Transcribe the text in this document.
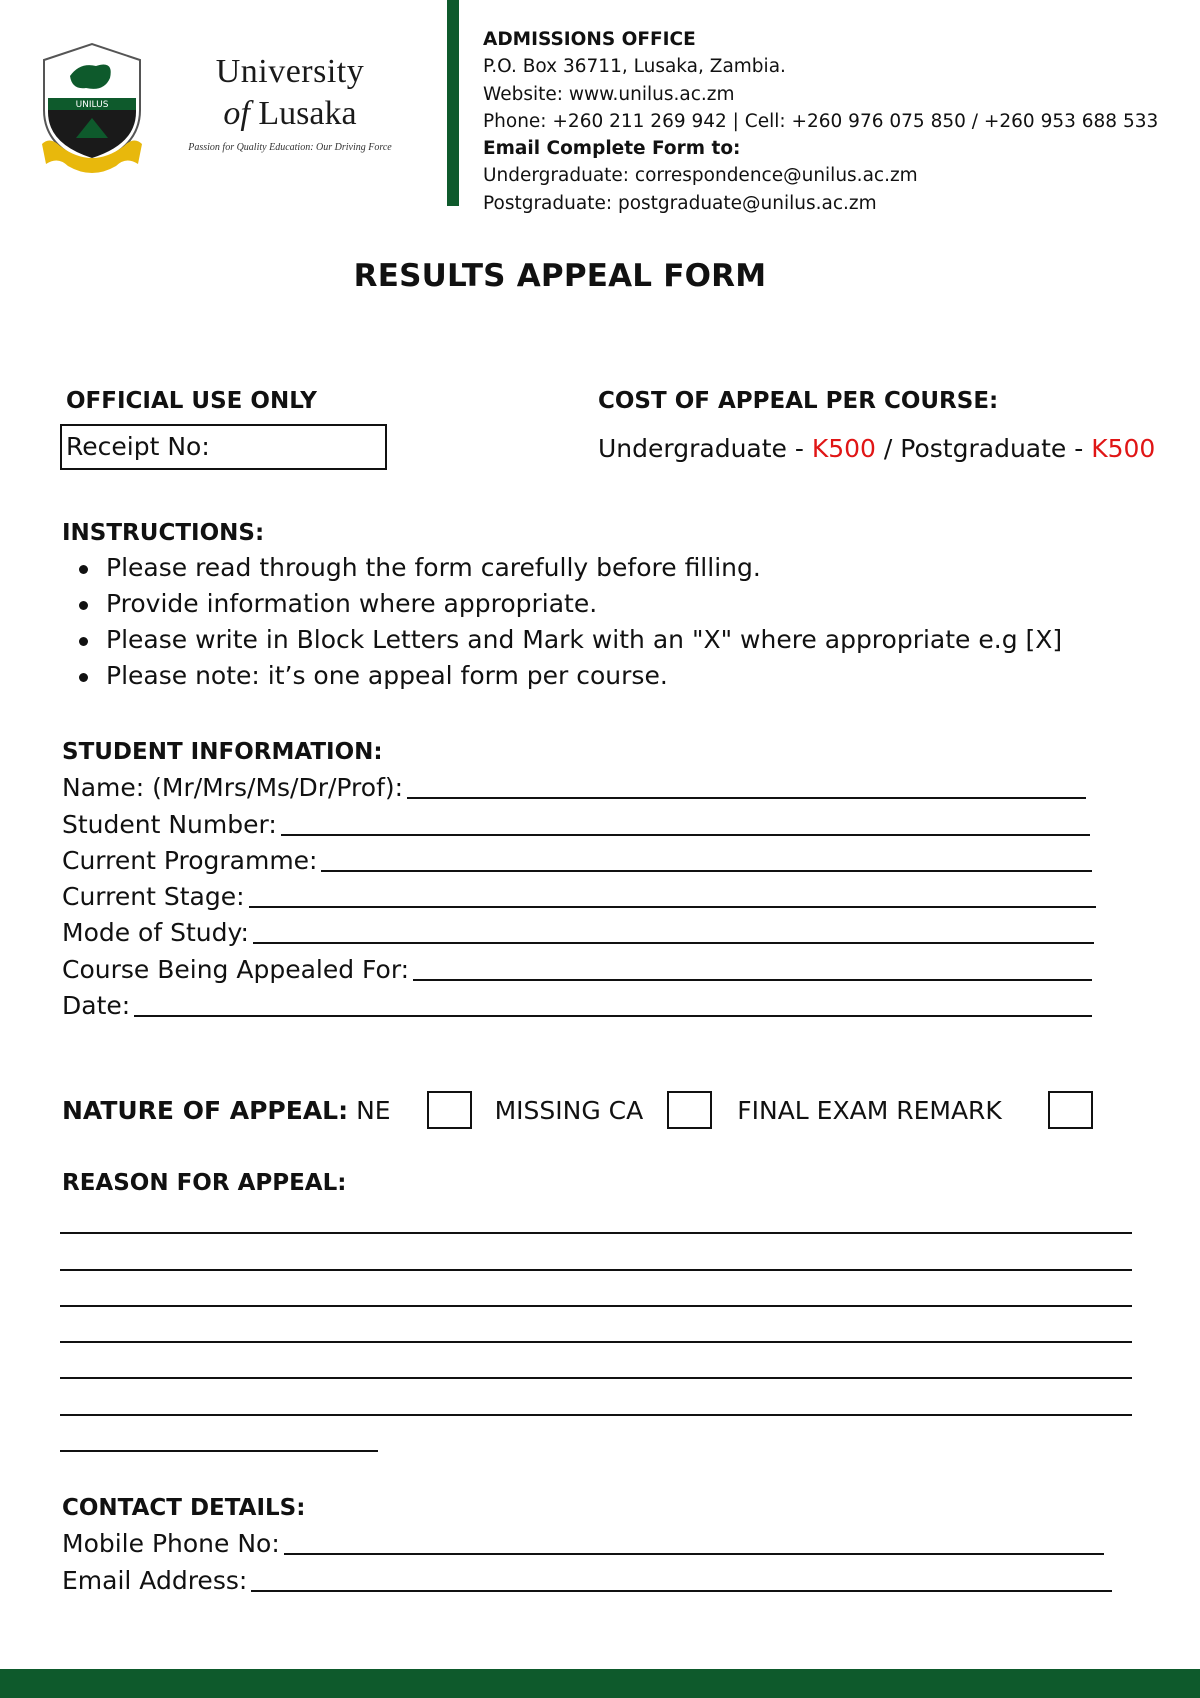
UNILUS
University
of Lusaka
Passion for Quality Education: Our Driving Force
ADMISSIONS OFFICE
P.O. Box 36711, Lusaka, Zambia.
Website: www.unilus.ac.zm
Phone: +260 211 269 942 | Cell: +260 976 075 850 / +260 953 688 533
Email Complete Form to:
Undergraduate: correspondence@unilus.ac.zm
Postgraduate: postgraduate@unilus.ac.zm
RESULTS APPEAL FORM
OFFICIAL USE ONLY
Receipt No:
COST OF APPEAL PER COURSE:
Undergraduate - K500 / Postgraduate - K500
INSTRUCTIONS:
Please read through the form carefully before filling.
Provide information where appropriate.
Please write in Block Letters and Mark with an "X" where appropriate e.g [X]
Please note: it’s one appeal form per course.
STUDENT INFORMATION:
Name: (Mr/Mrs/Ms/Dr/Prof):
Student Number:
Current Programme:
Current Stage:
Mode of Study:
Course Being Appealed For:
Date:
NATURE OF APPEAL: NE	MISSING CA	FINAL EXAM REMARK
REASON FOR APPEAL:
CONTACT DETAILS:
Mobile Phone No:
Email Address:
